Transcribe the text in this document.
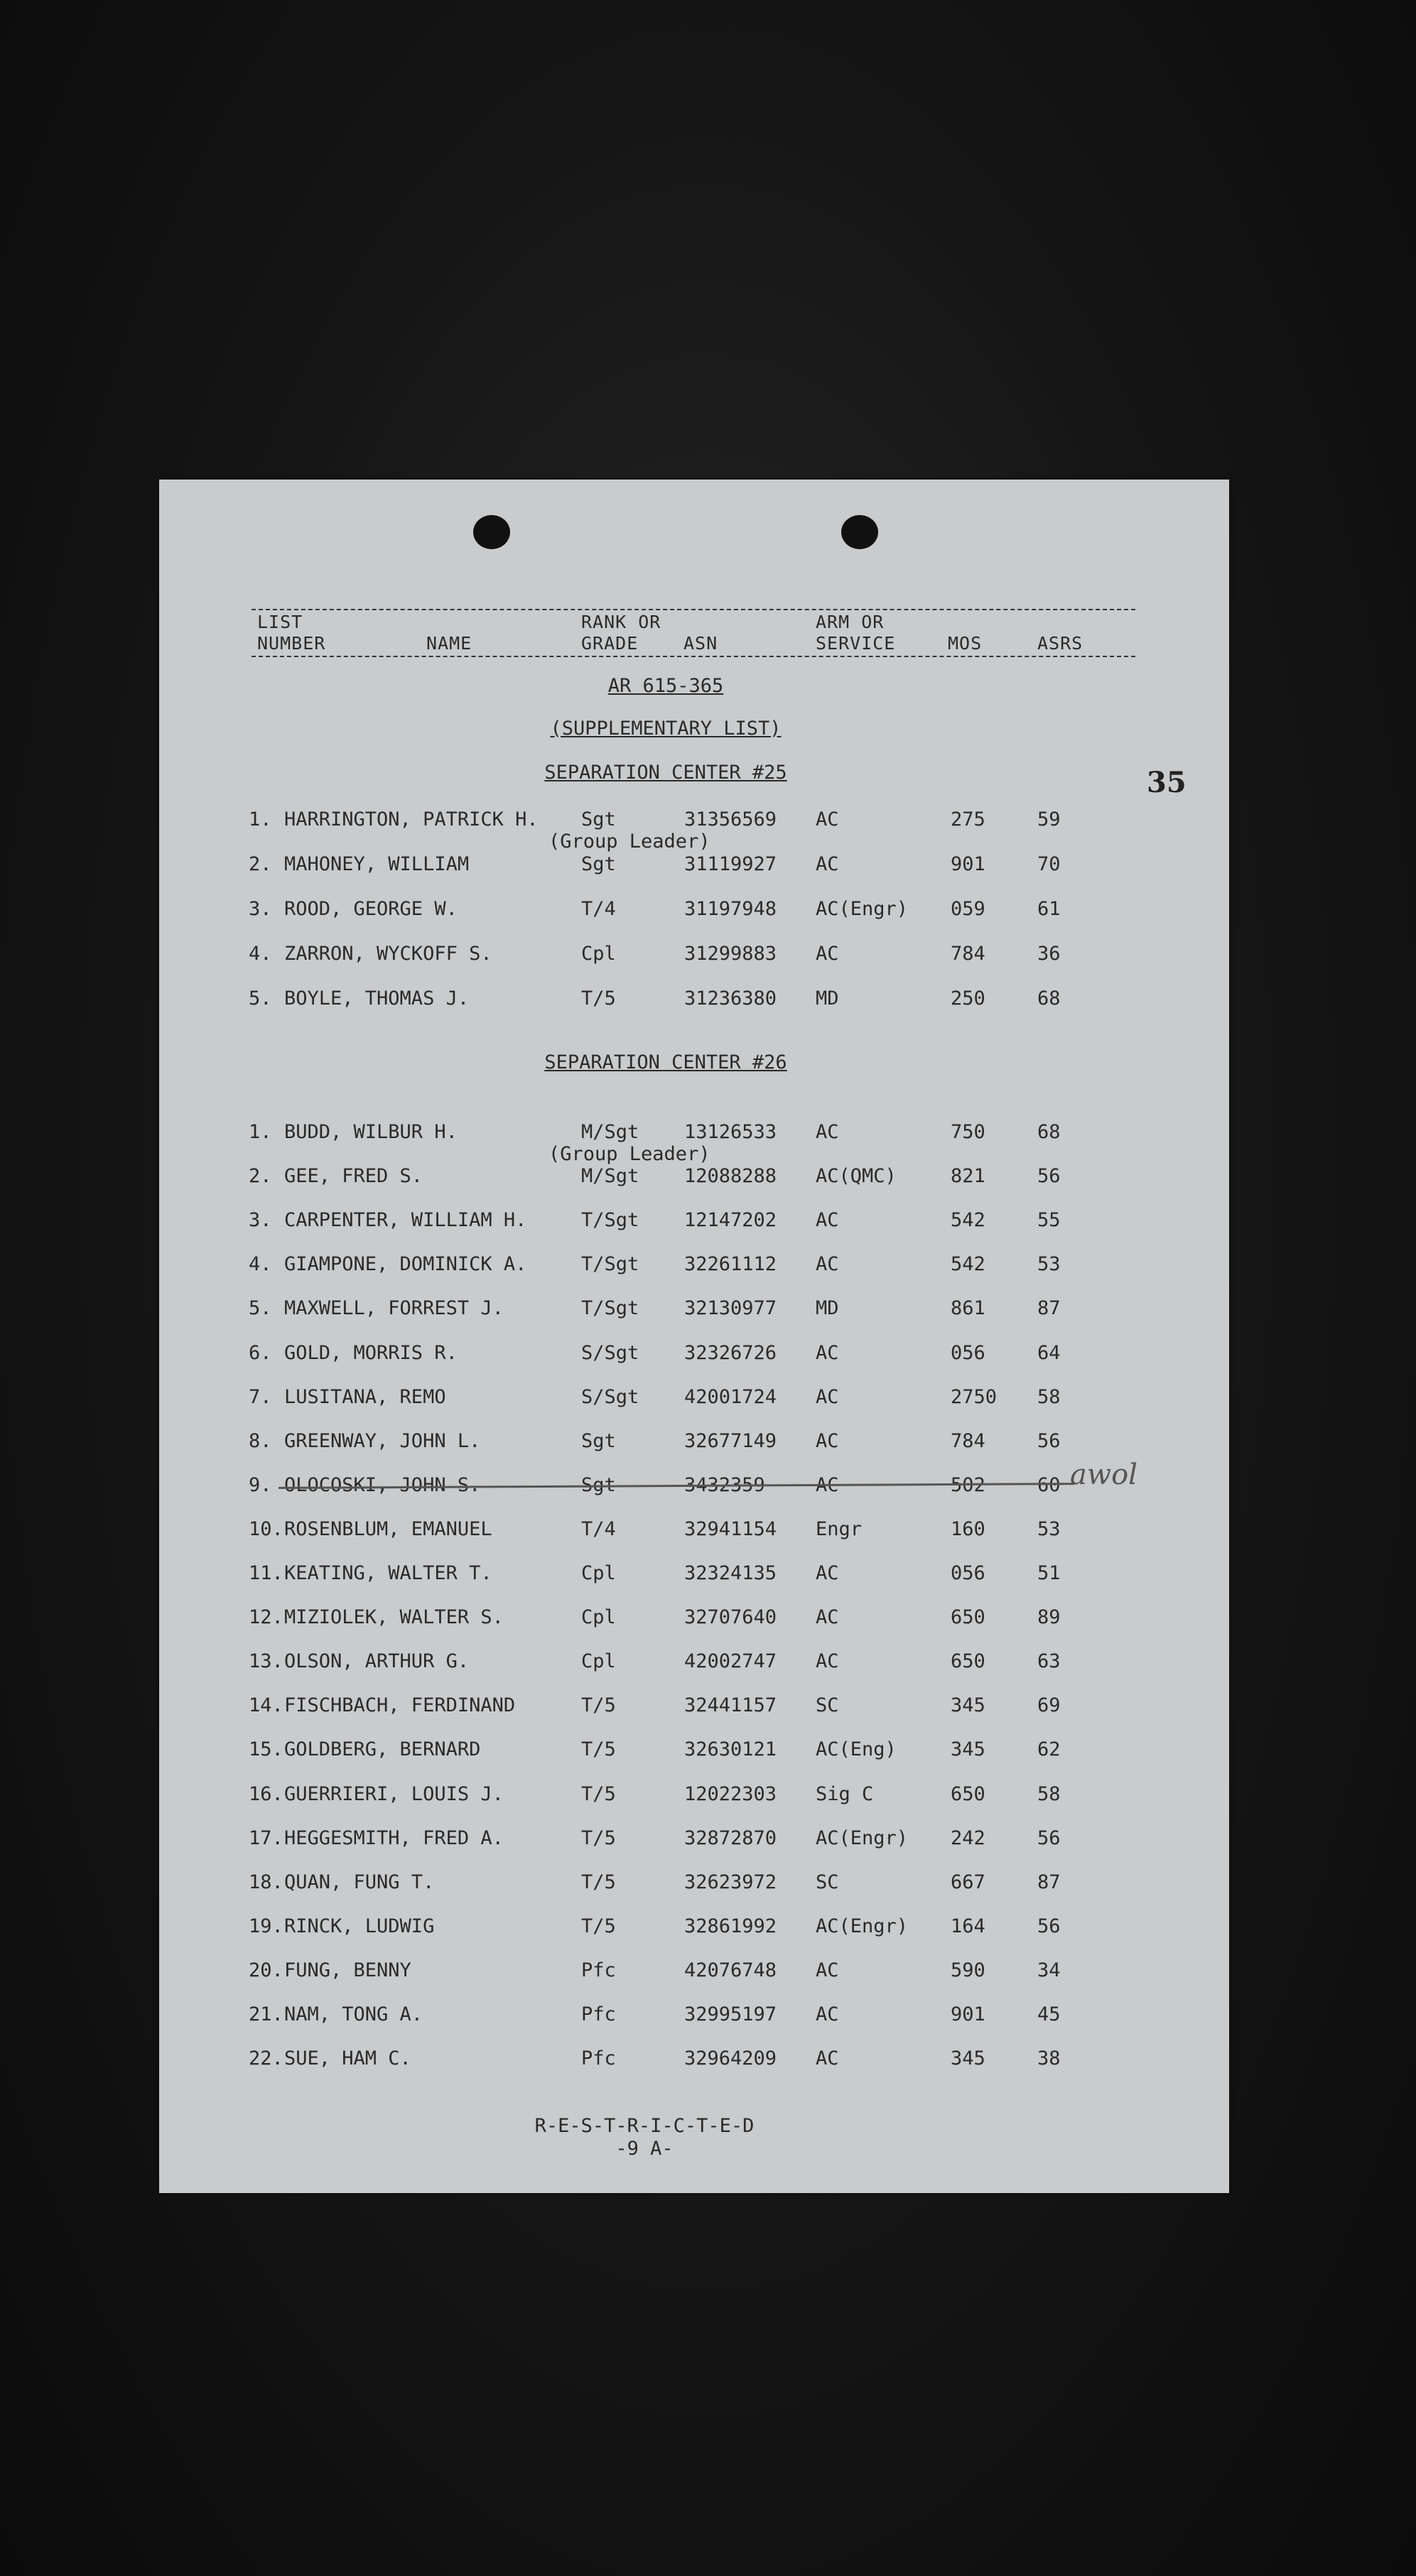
LIST
NUMBER	NAME
RANK OR
GRADE	ASN
ARM OR
SERVICE	MOS	ASRS
AR 615-365
(SUPPLEMENTARY LIST)
35
SEPARATION CENTER #25
1. HARRINGTON, PATRICK H. Sgt	31356569 AC	275	59
(Group Leader)
2. MAHONEY, WILLIAM	Sgt	31119927 AC	901	70
3. ROOD, GEORGE W.	T/4	31197948 AC(Engr) 059	61
4. ZARRON, WYCKOFF S.	Cpl	31299883 AC	784	36
5. BOYLE, THOMAS J.	T/5	31236380 MD	250	68
SEPARATION CENTER #26
1. BUDD, WILBUR H.	M/Sgt 13126533 AC	750	68
(Group Leader)
2. GEE, FRED S.	M/Sgt 12088288 AC(QMC)	821	56
3. CARPENTER, WILLIAM H.	T/Sgt 12147202 AC	542	55
4. GIAMPONE, DOMINICK A.	T/Sgt 32261112 AC	542	53
5. MAXWELL, FORREST J.	T/Sgt 32130977 MD	861	87
6. GOLD, MORRIS R.	S/Sgt 32326726 AC	056	64
7. LUSITANA, REMO	S/Sgt 42001724 AC	2750 58
8. GREENWAY, JOHN L.	Sgt	32677149 AC	784	56
9. OLOCOSKI, JOHN S.	Sgt	3432359	AC	502	60 awol
10. ROSENBLUM, EMANUEL	T/4	32941154 Engr	160	53
11. KEATING, WALTER T.	Cpl	32324135 AC	056	51
12. MIZIOLEK, WALTER S.	Cpl	32707640 AC	650	89
13. OLSON, ARTHUR G.	Cpl	42002747 AC	650	63
14. FISCHBACH, FERDINAND	T/5	32441157 SC	345	69
15. GOLDBERG, BERNARD	T/5	32630121 AC(Eng)	345	62
16. GUERRIERI, LOUIS J.	T/5	12022303 Sig C	650	58
17. HEGGESMITH, FRED A.	T/5	32872870 AC(Engr) 242	56
18. QUAN, FUNG T.	T/5	32623972 SC	667	87
19. RINCK, LUDWIG	T/5	32861992 AC(Engr) 164	56
20. FUNG, BENNY	Pfc	42076748 AC	590	34
21. NAM, TONG A.	Pfc	32995197 AC	901	45
22. SUE, HAM C.	Pfc	32964209 AC	345	38
R-E-S-T-R-I-C-T-E-D
-9 A-
